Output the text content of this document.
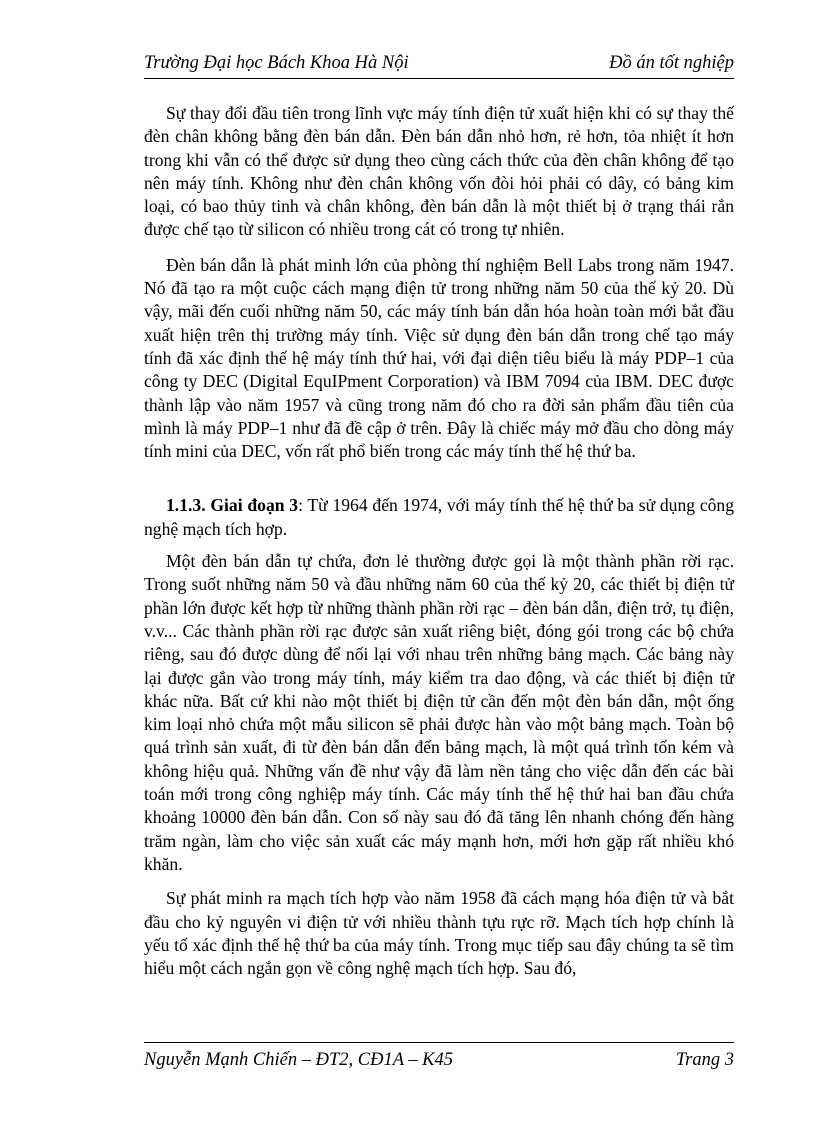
Trường Đại học Bách Khoa Hà Nội	Đồ án tốt nghiệp

Sự thay đổi đầu tiên trong lĩnh vực máy tính điện tử xuất hiện khi có sự thay thế đèn chân không bằng đèn bán dẫn. Đèn bán dẫn nhỏ hơn, rẻ hơn, tỏa nhiệt ít hơn trong khi vẫn có thể được sử dụng theo cùng cách thức của đèn chân không để tạo nên máy tính. Không như đèn chân không vốn đòi hỏi phải có dây, có bảng kim loại, có bao thủy tinh và chân không, đèn bán dẫn là một thiết bị ở trạng thái rắn được chế tạo từ silicon có nhiều trong cát có trong tự nhiên.

Đèn bán dẫn là phát minh lớn của phòng thí nghiệm Bell Labs trong năm 1947. Nó đã tạo ra một cuộc cách mạng điện tử trong những năm 50 của thế kỷ 20. Dù vậy, mãi đến cuối những năm 50, các máy tính bán dẫn hóa hoàn toàn mới bắt đầu xuất hiện trên thị trường máy tính. Việc sử dụng đèn bán dẫn trong chế tạo máy tính đã xác định thế hệ máy tính thứ hai, với đại diện tiêu biểu là máy PDP–1 của công ty DEC (Digital EquIPment Corporation) và IBM 7094 của IBM. DEC được thành lập vào năm 1957 và cũng trong năm đó cho ra đời sản phẩm đầu tiên của mình là máy PDP–1 như đã đề cập ở trên. Đây là chiếc máy mở đầu cho dòng máy tính mini của DEC, vốn rất phổ biến trong các máy tính thế hệ thứ ba.

1.1.3. Giai đoạn 3: Từ 1964 đến 1974, với máy tính thế hệ thứ ba sử dụng công nghệ mạch tích hợp.

Một đèn bán dẫn tự chứa, đơn lẻ thường được gọi là một thành phần rời rạc. Trong suốt những năm 50 và đầu những năm 60 của thế kỷ 20, các thiết bị điện tử phần lớn được kết hợp từ những thành phần rời rạc – đèn bán dẫn, điện trở, tụ điện, v.v... Các thành phần rời rạc được sản xuất riêng biệt, đóng gói trong các bộ chứa riêng, sau đó được dùng để nối lại với nhau trên những bảng mạch. Các bảng này lại được gắn vào trong máy tính, máy kiểm tra dao động, và các thiết bị điện tử khác nữa. Bất cứ khi nào một thiết bị điện tử cần đến một đèn bán dẫn, một ống kim loại nhỏ chứa một mẫu silicon sẽ phải được hàn vào một bảng mạch. Toàn bộ quá trình sản xuất, đi từ đèn bán dẫn đến bảng mạch, là một quá trình tốn kém và không hiệu quả. Những vấn đề như vậy đã làm nền tảng cho việc dẫn đến các bài toán mới trong công nghiệp máy tính. Các máy tính thế hệ thứ hai ban đầu chứa khoảng 10000 đèn bán dẫn. Con số này sau đó đã tăng lên nhanh chóng đến hàng trăm ngàn, làm cho việc sản xuất các máy mạnh hơn, mới hơn gặp rất nhiều khó khăn.

Sự phát minh ra mạch tích hợp vào năm 1958 đã cách mạng hóa điện tử và bắt đầu cho kỷ nguyên vi điện tử với nhiều thành tựu rực rỡ. Mạch tích hợp chính là yếu tố xác định thế hệ thứ ba của máy tính. Trong mục tiếp sau đây chúng ta sẽ tìm hiểu một cách ngắn gọn về công nghệ mạch tích hợp. Sau đó,

Nguyễn Mạnh Chiến – ĐT2, CĐ1A – K45	Trang 3
